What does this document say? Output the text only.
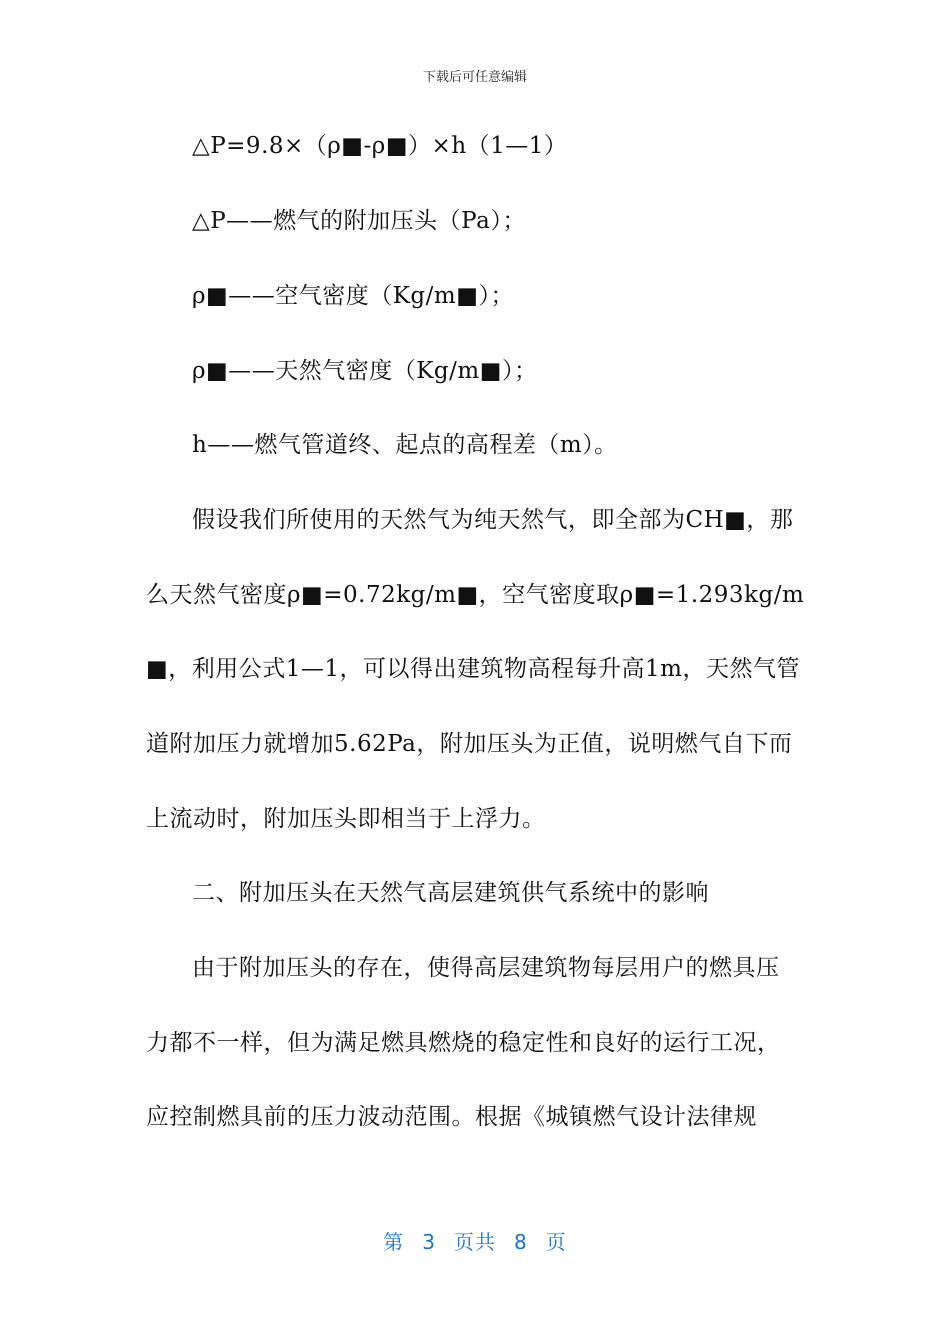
下载后可任意编辑
△P=9.8×（ρ■-ρ■）×h（1—1）
△P——燃气的附加压头（Pa）；
ρ■——空气密度（Kg/m■）；
ρ■——天然气密度（Kg/m■）；
h——燃气管道终、起点的高程差（m）。
假设我们所使用的天然气为纯天然气，即全部为CH■，那
么天然气密度ρ■=0.72kg/m■，空气密度取ρ■=1.293kg/m
■，利用公式1—1，可以得出建筑物高程每升高1m，天然气管
道附加压力就增加5.62Pa，附加压头为正值，说明燃气自下而
上流动时，附加压头即相当于上浮力。
二、附加压头在天然气高层建筑供气系统中的影响
由于附加压头的存在，使得高层建筑物每层用户的燃具压
力都不一样，但为满足燃具燃烧的稳定性和良好的运行工况，
应控制燃具前的压力波动范围。根据《城镇燃气设计法律规
第 3 页共 8 页
